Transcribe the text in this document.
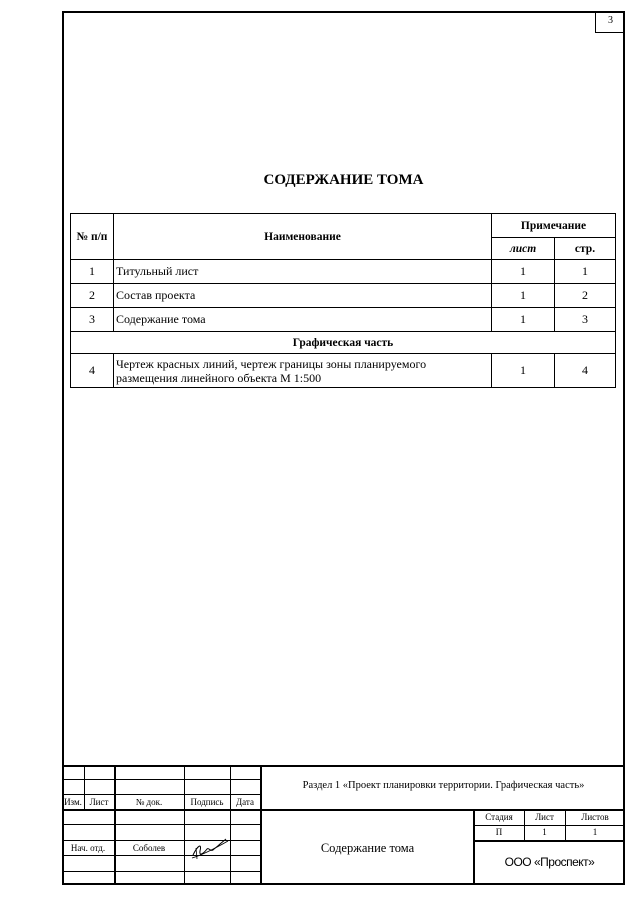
3
СОДЕРЖАНИЕ ТОМА
№ п/п	Наименование	Примечание	
		лист	стр.
1	Титульный лист	1	1
2	Состав проекта	1	2
3	Содержание тома	1	3
Графическая часть			
4	Чертеж красных линий, чертеж границы зоны планируемого
размещения линейного объекта М 1:500	1	4
Изм. Лист	№ док.	Подпись	Дата
Раздел 1 «Проект планировки территории. Графическая часть»
Нач. отд.	Соболев	Содержание тома
Стадия	Лист	Листов
П	1	1
ООО «Проспект»
